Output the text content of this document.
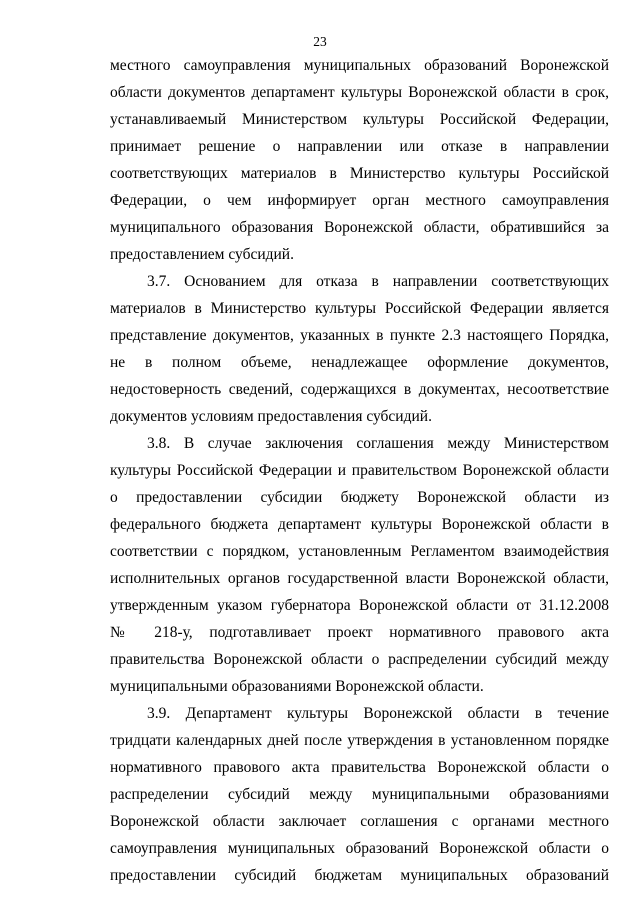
23
местного самоуправления муниципальных образований Воронежской
области документов департамент культуры Воронежской области в срок,
устанавливаемый Министерством культуры Российской Федерации,
принимает решение о направлении или отказе в направлении
соответствующих материалов в Министерство культуры Российской
Федерации, о чем информирует орган местного самоуправления
муниципального образования Воронежской области, обратившийся за
предоставлением субсидий.
3.7. Основанием для отказа в направлении соответствующих
материалов в Министерство культуры Российской Федерации является
представление документов, указанных в пункте 2.3 настоящего Порядка,
не в полном объеме, ненадлежащее оформление документов,
недостоверность сведений, содержащихся в документах, несоответствие
документов условиям предоставления субсидий.
3.8. В случае заключения соглашения между Министерством
культуры Российской Федерации и правительством Воронежской области
о предоставлении субсидии бюджету Воронежской области из
федерального бюджета департамент культуры Воронежской области в
соответствии с порядком, установленным Регламентом взаимодействия
исполнительных органов государственной власти Воронежской области,
утвержденным указом губернатора Воронежской области от 31.12.2008
№ 218-у, подготавливает проект нормативного правового акта
правительства Воронежской области о распределении субсидий между
муниципальными образованиями Воронежской области.
3.9. Департамент культуры Воронежской области в течение
тридцати календарных дней после утверждения в установленном порядке
нормативного правового акта правительства Воронежской области о
распределении субсидий между муниципальными образованиями
Воронежской области заключает соглашения с органами местного
самоуправления муниципальных образований Воронежской области о
предоставлении субсидий бюджетам муниципальных образований
